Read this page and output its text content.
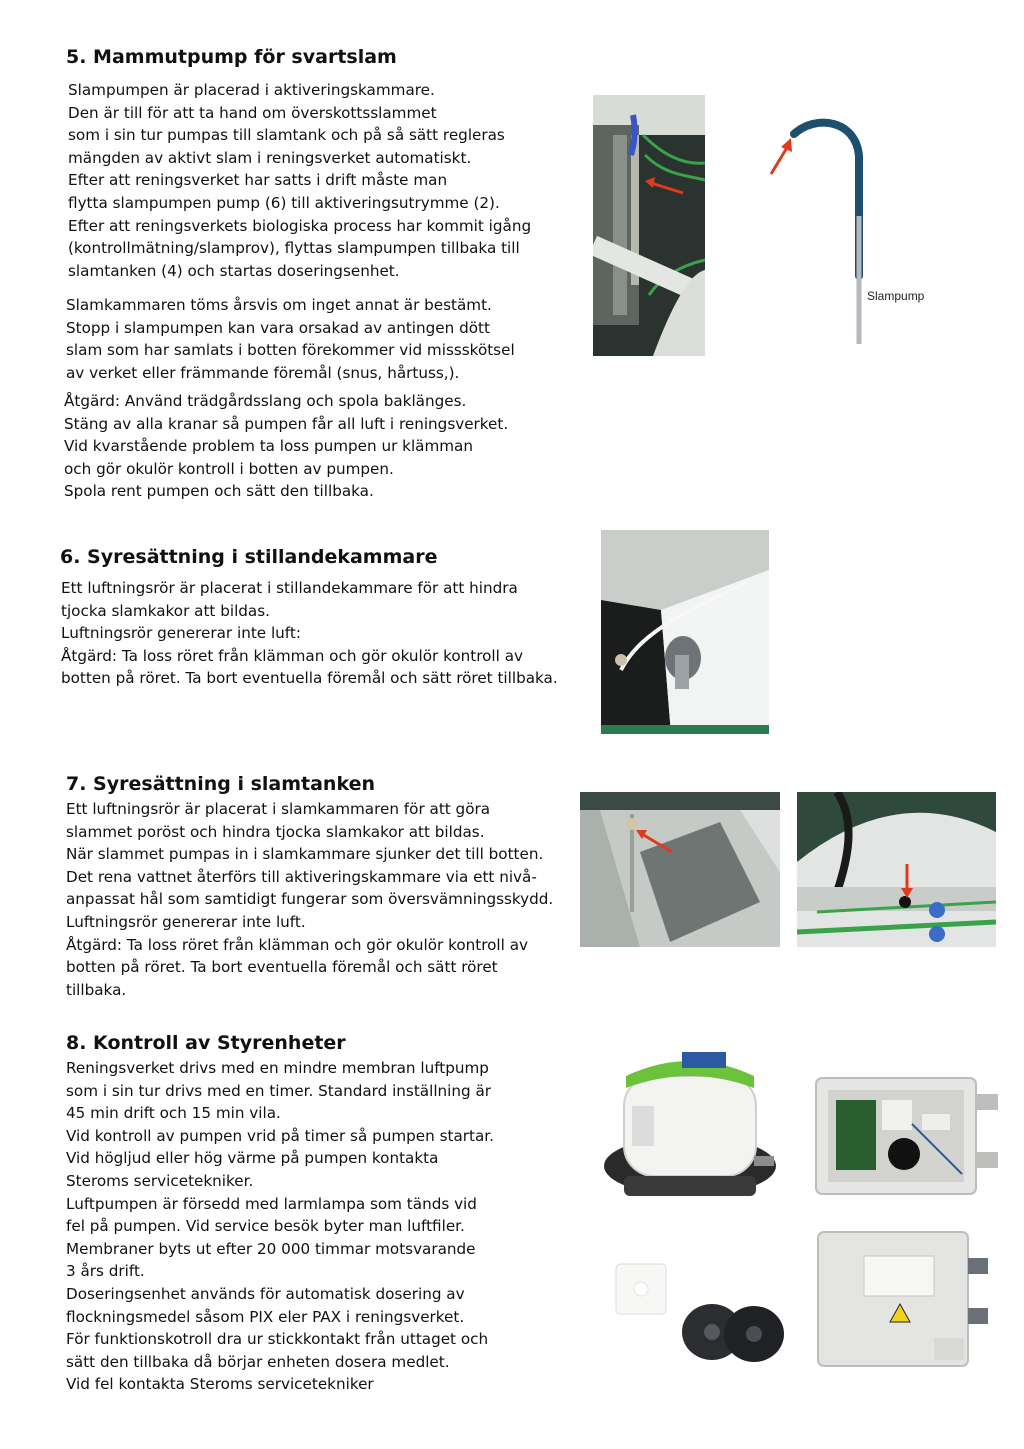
5. Mammutpump för svartslam
Slampumpen är placerad i aktiveringskammare.
Den är till för att ta hand om överskottsslammet
som i sin tur pumpas till slamtank och på så sätt regleras
mängden av aktivt slam i reningsverket automatiskt.
Efter att reningsverket har satts i drift måste man
flytta slampumpen pump (6) till aktiveringsutrymme (2).
Efter att reningsverkets biologiska process har kommit igång
(kontrollmätning/slamprov), flyttas slampumpen tillbaka till
slamtanken (4) och startas doseringsenhet.
Slamkammaren töms årsvis om inget annat är bestämt.
Stopp i slampumpen kan vara orsakad av antingen dött
slam som har samlats i botten förekommer vid missskötsel
av verket eller främmande föremål (snus, hårtuss,).
Åtgärd: Använd trädgårdsslang och spola baklänges.
Stäng av alla kranar så pumpen får all luft i reningsverket.
Vid kvarstående problem ta loss pumpen ur klämman
och gör okulör kontroll i botten av pumpen.
Spola rent pumpen och sätt den tillbaka.
Slampump
6. Syresättning i stillandekammare
Ett luftningsrör är placerat i stillandekammare för att hindra
tjocka slamkakor att bildas.
Luftningsrör genererar inte luft:
Åtgärd: Ta loss röret från klämman och gör okulör kontroll av
botten på röret. Ta bort eventuella föremål och sätt röret tillbaka.
7. Syresättning i slamtanken
Ett luftningsrör är placerat i slamkammaren för att göra
slammet poröst och hindra tjocka slamkakor att bildas.
När slammet pumpas in i slamkammare sjunker det till botten.
Det rena vattnet återförs till aktiveringskammare via ett nivå-
anpassat hål som samtidigt fungerar som översvämningsskydd.
Luftningsrör genererar inte luft.
Åtgärd: Ta loss röret från klämman och gör okulör kontroll av
botten på röret. Ta bort eventuella föremål och sätt röret
tillbaka.
8. Kontroll av Styrenheter
Reningsverket drivs med en mindre membran luftpump
som i sin tur drivs med en timer. Standard inställning är
45 min drift och 15 min vila.
Vid kontroll av pumpen vrid på timer så pumpen startar.
Vid höglјud eller hög värme på pumpen kontakta
Steroms servicetekniker.
Luftpumpen är försedd med larmlampa som tänds vid
fel på pumpen. Vid service besök byter man luftfiler.
Membraner byts ut efter 20 000 timmar motsvarande
3 års drift.
Doseringsenhet används för automatisk dosering av
flockningsmedel såsom PIX eler PAX i reningsverket.
För funktionskotroll dra ur stickkontakt från uttaget och
sätt den tillbaka då börjar enheten dosera medlet.
Vid fel kontakta Steroms servicetekniker
